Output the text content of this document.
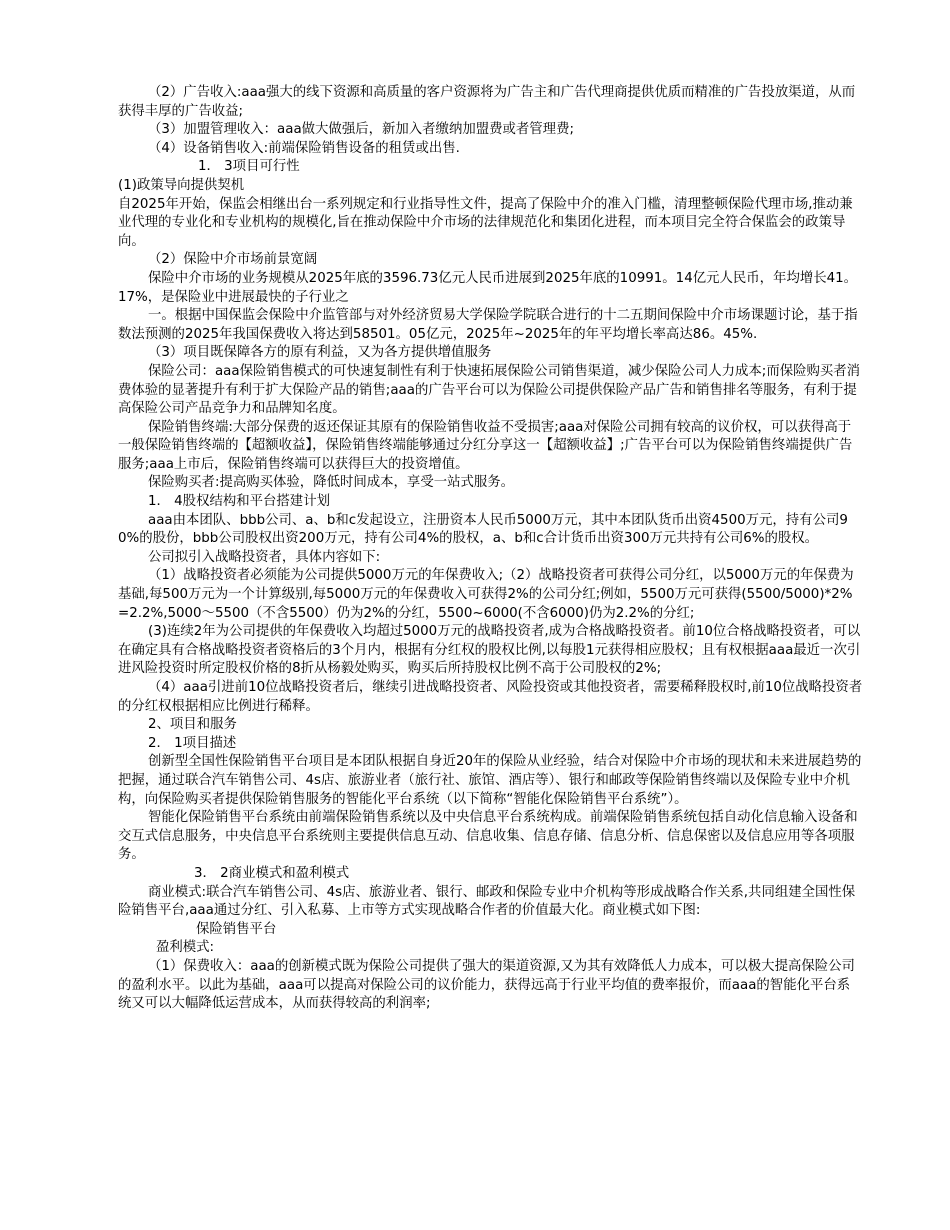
（2）广告收入:aaa强大的线下资源和高质量的客户资源将为广告主和广告代理商提供优质而精准的广告投放渠道，从而获得丰厚的广告收益;

（3）加盟管理收入：aaa做大做强后，新加入者缴纳加盟费或者管理费;

（4）设备销售收入:前端保险销售设备的租赁或出售.

1． 3项目可行性

(1)政策导向提供契机

自2025年开始，保监会相继出台一系列规定和行业指导性文件，提高了保险中介的准入门槛，清理整顿保险代理市场,推动兼业代理的专业化和专业机构的规模化,旨在推动保险中介市场的法律规范化和集团化进程，而本项目完全符合保监会的政策导向。

（2）保险中介市场前景宽阔

保险中介市场的业务规模从2025年底的3596.73亿元人民币进展到2025年底的10991。14亿元人民币，年均增长41。17%，是保险业中进展最快的子行业之

一。根据中国保监会保险中介监管部与对外经济贸易大学保险学院联合进行的十二五期间保险中介市场课题讨论，基于指数法预测的2025年我国保费收入将达到58501。05亿元，2025年~2025年的年平均增长率高达86。45%.

（3）项目既保障各方的原有利益，又为各方提供增值服务

保险公司：aaa保险销售模式的可快速复制性有利于快速拓展保险公司销售渠道，减少保险公司人力成本;而保险购买者消费体验的显著提升有利于扩大保险产品的销售;aaa的广告平台可以为保险公司提供保险产品广告和销售排名等服务，有利于提高保险公司产品竞争力和品牌知名度。

保险销售终端:大部分保费的返还保证其原有的保险销售收益不受损害;aaa对保险公司拥有较高的议价权，可以获得高于一般保险销售终端的【超额收益】，保险销售终端能够通过分红分享这一【超额收益】;广告平台可以为保险销售终端提供广告服务;aaa上市后，保险销售终端可以获得巨大的投资增值。

保险购买者:提高购买体验，降低时间成本，享受一站式服务。

1． 4股权结构和平台搭建计划

aaa由本团队、bbb公司、a、b和c发起设立，注册资本人民币5000万元，其中本团队货币出资4500万元，持有公司90%的股份，bbb公司股权出资200万元，持有公司4%的股权，a、b和c合计货币出资300万元共持有公司6%的股权。

公司拟引入战略投资者，具体内容如下:

（1）战略投资者必须能为公司提供5000万元的年保费收入;（2）战略投资者可获得公司分红，以5000万元的年保费为基础,每500万元为一个计算级别,每5000万元的年保费收入可获得2%的公司分红;例如，5500万元可获得(5500/5000)*2%=2.2%,5000～5500（不含5500）仍为2%的分红，5500~6000(不含6000)仍为2.2%的分红;

(3)连续2年为公司提供的年保费收入均超过5000万元的战略投资者,成为合格战略投资者。前10位合格战略投资者，可以在确定具有合格战略投资者资格后的3个月内，根据有分红权的股权比例,以每股1元获得相应股权；且有权根据aaa最近一次引进风险投资时所定股权价格的8折从杨毅处购买，购买后所持股权比例不高于公司股权的2%;

（4）aaa引进前10位战略投资者后，继续引进战略投资者、风险投资或其他投资者，需要稀释股权时,前10位战略投资者的分红权根据相应比例进行稀释。

2、项目和服务

2． 1项目描述

创新型全国性保险销售平台项目是本团队根据自身近20年的保险从业经验，结合对保险中介市场的现状和未来进展趋势的把握，通过联合汽车销售公司、4s店、旅游业者（旅行社、旅馆、酒店等）、银行和邮政等保险销售终端以及保险专业中介机构，向保险购买者提供保险销售服务的智能化平台系统（以下简称“智能化保险销售平台系统”）。

智能化保险销售平台系统由前端保险销售系统以及中央信息平台系统构成。前端保险销售系统包括自动化信息输入设备和交互式信息服务，中央信息平台系统则主要提供信息互动、信息收集、信息存储、信息分析、信息保密以及信息应用等各项服务。

3． 2商业模式和盈利模式

商业模式:联合汽车销售公司、4s店、旅游业者、银行、邮政和保险专业中介机构等形成战略合作关系,共同组建全国性保险销售平台,aaa通过分红、引入私募、上市等方式实现战略合作者的价值最大化。商业模式如下图:

保险销售平台

盈利模式:

（1）保费收入：aaa的创新模式既为保险公司提供了强大的渠道资源,又为其有效降低人力成本，可以极大提高保险公司的盈利水平。以此为基础，aaa可以提高对保险公司的议价能力，获得远高于行业平均值的费率报价，而aaa的智能化平台系统又可以大幅降低运营成本，从而获得较高的利润率;
